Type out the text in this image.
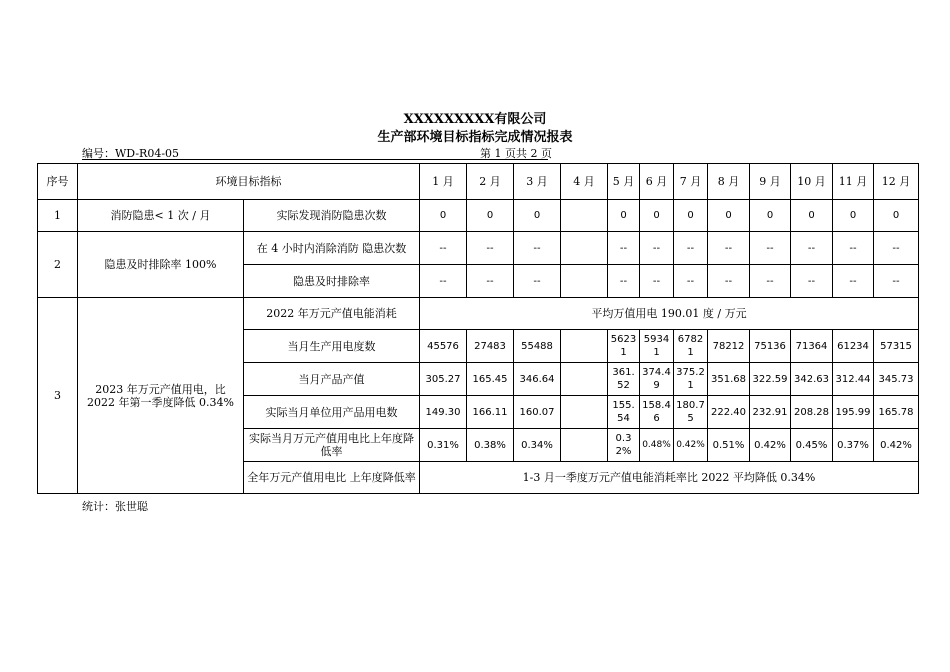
XXXXXXXXX有限公司
生产部环境目标指标完成情况报表
编号：WD-R04-05	第 1 页共 2 页
序号	环境目标指标		1 月	2 月	3 月	4 月	5 月	6 月	7 月	8 月	9 月	10 月	11 月	12 月
1	消防隐患< 1 次 / 月	实际发现消防隐患次数	0	0	0		0	0	0	0	0	0	0	0
2	隐患及时排除率 100%	在 4 小时内消除消防 隐患次数	--	--	--		--	--	--	--	--	--	--	--
		隐患及时排除率	--	--	--		--	--	--	--	--	--	--	--
3	2023 年万元产值用电，比 2022 年第一季度降低 0.34%	2022 年万元产值电能消耗	平均万值用电 190.01 度 / 万元											
		当月生产用电度数	45576	27483	55488		56231	59341	67821	78212	75136	71364	61234	57315
		当月产品产值	305.27	165.45	346.64		361.52	374.49	375.21	351.68	322.59	342.63	312.44	345.73
		实际当月单位用产品用电数	149.30	166.11	160.07		155.54	158.46	180.75	222.40	232.91	208.28	195.99	165.78
		实际当月万元产值用电比上年度降低率	0.31%	0.38%	0.34%		0.32%	0.48%	0.42%	0.51%	0.42%	0.45%	0.37%	0.42%
		全年万元产值用电比 上年度降低率	1-3 月一季度万元产值电能消耗率比 2022 平均降低 0.34%											
统计：张世聪
